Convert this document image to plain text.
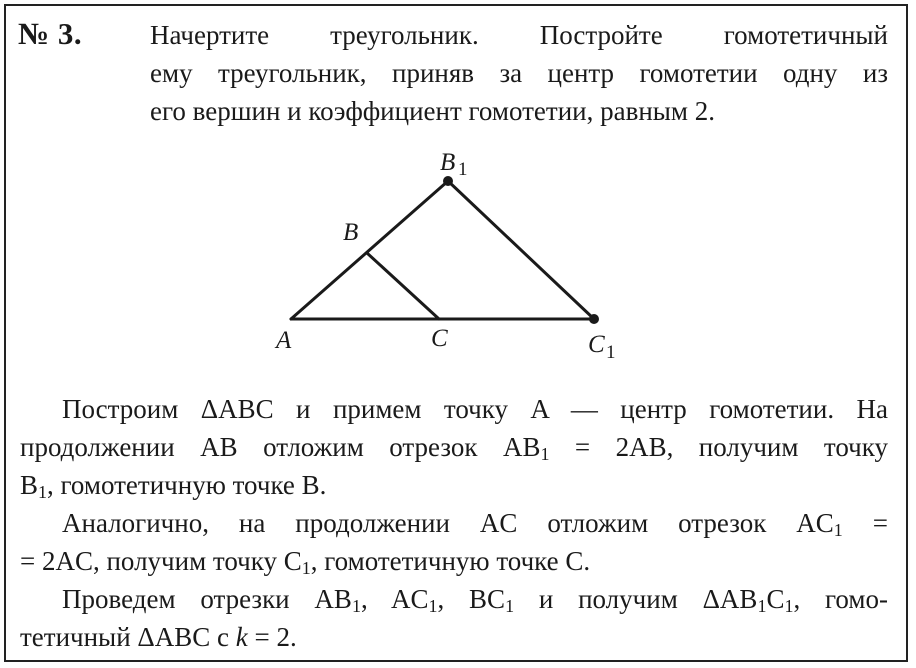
№ 3.	Начертите треугольник. Постройте гомотетичный
ему треугольник, приняв за центр гомотетии одну из
его вершин и коэффициент гомотетии, равным 2.
A
B
C
B 1
C 1
Построим ΔABC и примем точку A — центр гомотетии. На
продолжении AB отложим отрезок $AB_1 = 2AB$, получим точку
$B_1$, гомотетичную точке B.
Аналогично, на продолжении AC отложим отрезок $AC_1$ =
= 2AC, получим точку $C_1$, гомотетичную точке C.
Проведем отрезки $AB_1$, $AC_1$, $BC_1$ и получим $\Delta AB_1C_1$, гомо-
тетичный ΔABC с k = 2.
